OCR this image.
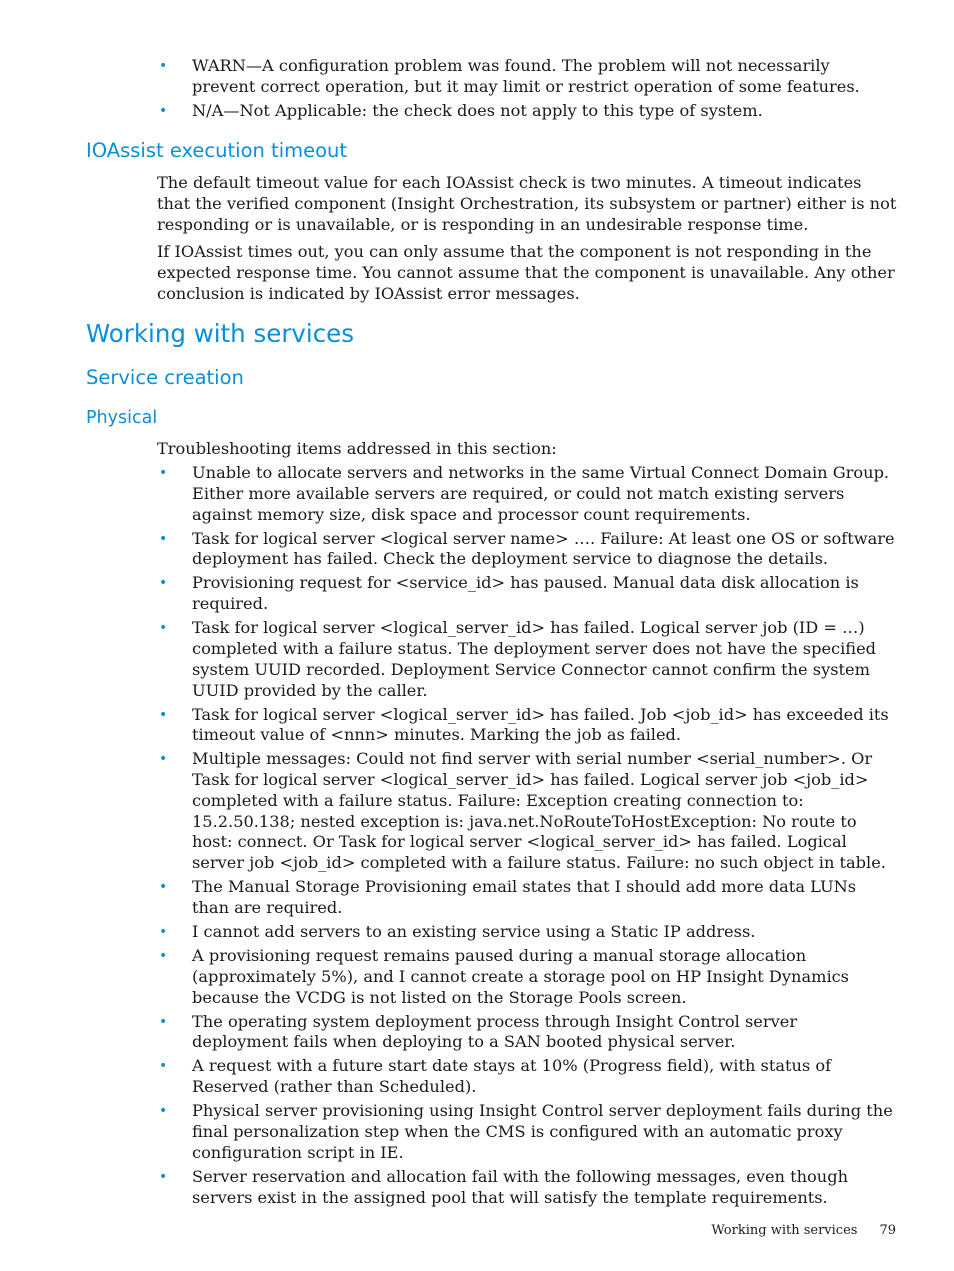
• WARN—A configuration problem was found. The problem will not necessarily prevent correct operation, but it may limit or restrict operation of some features.
• N/A—Not Applicable: the check does not apply to this type of system.
IOAssist execution timeout

The default timeout value for each IOAssist check is two minutes. A timeout indicates that the verified component (Insight Orchestration, its subsystem or partner) either is not responding or is unavailable, or is responding in an undesirable response time.

If IOAssist times out, you can only assume that the component is not responding in the expected response time. You cannot assume that the component is unavailable. Any other conclusion is indicated by IOAssist error messages.

Working with services
Service creation
Physical
Troubleshooting items addressed in this section:
• Unable to allocate servers and networks in the same Virtual Connect Domain Group. Either more available servers are required, or could not match existing servers against memory size, disk space and processor count requirements.
• Task for logical server <logical server name> …. Failure: At least one OS or software deployment has failed. Check the deployment service to diagnose the details.
• Provisioning request for <service_id> has paused. Manual data disk allocation is required.
• Task for logical server <logical_server_id> has failed. Logical server job (ID = …) completed with a failure status. The deployment server does not have the specified system UUID recorded. Deployment Service Connector cannot confirm the system UUID provided by the caller.
• Task for logical server <logical_server_id> has failed. Job <job_id> has exceeded its timeout value of <nnn> minutes. Marking the job as failed.
• Multiple messages: Could not find server with serial number <serial_number>. Or Task for logical server <logical_server_id> has failed. Logical server job <job_id> completed with a failure status. Failure: Exception creating connection to: 15.2.50.138; nested exception is: java.net.NoRouteToHostException: No route to host: connect. Or Task for logical server <logical_server_id> has failed. Logical server job <job_id> completed with a failure status. Failure: no such object in table.
• The Manual Storage Provisioning email states that I should add more data LUNs than are required.
• I cannot add servers to an existing service using a Static IP address.
• A provisioning request remains paused during a manual storage allocation (approximately 5%), and I cannot create a storage pool on HP Insight Dynamics because the VCDG is not listed on the Storage Pools screen.
• The operating system deployment process through Insight Control server deployment fails when deploying to a SAN booted physical server.
• A request with a future start date stays at 10% (Progress field), with status of Reserved (rather than Scheduled).
• Physical server provisioning using Insight Control server deployment fails during the final personalization step when the CMS is configured with an automatic proxy configuration script in IE.
• Server reservation and allocation fail with the following messages, even though servers exist in the assigned pool that will satisfy the template requirements.
Working with services 79
